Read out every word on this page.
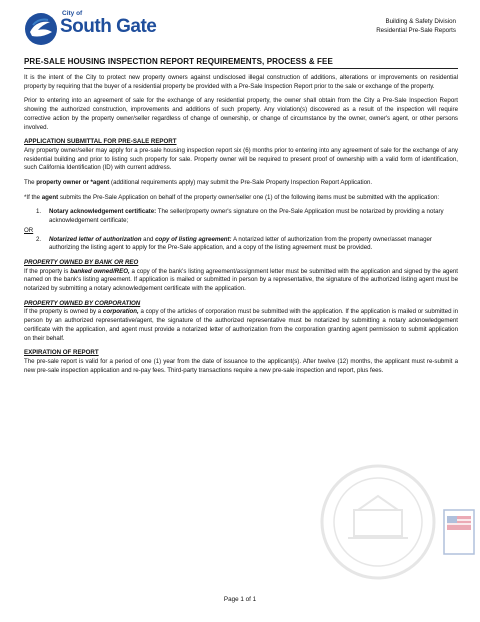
City of
South Gate	Building & Safety Division
Residential Pre-Sale Reports
PRE-SALE HOUSING INSPECTION REPORT REQUIREMENTS, PROCESS & FEE

It is the intent of the City to protect new property owners against undisclosed illegal construction of additions, alterations or improvements on residential property by requiring that the buyer of a residential property be provided with a Pre-Sale Inspection Report prior to the sale or exchange of the property.

Prior to entering into an agreement of sale for the exchange of any residential property, the owner shall obtain from the City a Pre-Sale Inspection Report showing the authorized construction, improvements and additions of such property. Any violation(s) discovered as a result of the inspection will require corrective action by the property owner/seller regardless of change of ownership, or change of circumstance by the owner, owner's agent, or other persons involved.

APPLICATION SUBMITTAL FOR PRE-SALE REPORT

Any property owner/seller may apply for a pre-sale housing inspection report six (6) months prior to entering into any agreement of sale for the exchange of any residential building and prior to listing such property for sale. Property owner will be required to present proof of ownership with a valid form of identification, such California Identification (ID) with current address.

The property owner or *agent (additional requirements apply) may submit the Pre-Sale Property Inspection Report Application.

*If the agent submits the Pre-Sale Application on behalf of the property owner/seller one (1) of the following items must be submitted with the application:

1. Notary acknowledgement certificate: The seller/property owner's signature on the Pre-Sale Application must be notarized by providing a notary acknowledgement certificate;
OR
2. Notarized letter of authorization and copy of listing agreement: A notarized letter of authorization from the property owner/asset manager authorizing the listing agent to apply for the Pre-Sale application, and a copy of the listing agreement must be provided.
PROPERTY OWNED BY BANK OR REO

If the property is banked owned/REO, a copy of the bank's listing agreement/assignment letter must be submitted with the application and signed by the agent named on the bank's listing agreement. If application is mailed or submitted in person by a representative, the signature of the authorized listing agent must be notarized by submitting a notary acknowledgement certificate with the application.

PROPERTY OWNED BY CORPORATION

If the property is owned by a corporation, a copy of the articles of corporation must be submitted with the application. If the application is mailed or submitted in person by an authorized representative/agent, the signature of the authorized representative must be notarized by submitting a notary acknowledgement certificate with the application, and agent must provide a notarized letter of authorization from the corporation granting agent permission to submit application on their behalf.

EXPIRATION OF REPORT

The pre-sale report is valid for a period of one (1) year from the date of issuance to the applicant(s). After twelve (12) months, the applicant must re-submit a new pre-sale inspection application and re-pay fees. Third-party transactions require a new pre-sale inspection and report, plus fees.

Page 1 of 1
